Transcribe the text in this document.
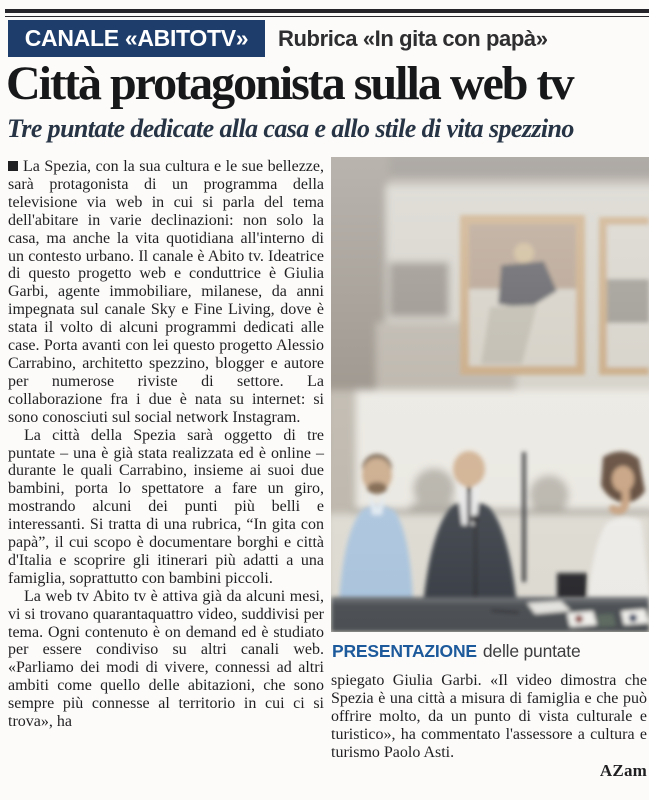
CANALE «ABITOTV» Rubrica «In gita con papà»
Città protagonista sulla web tv
Tre puntate dedicate alla casa e allo stile di vita spezzino

La Spezia, con la sua cultura e le sue bellezze, sarà protagonista di un programma della televisione via web in cui si parla del tema dell'abitare in varie declinazioni: non solo la casa, ma anche la vita quotidiana all'interno di un contesto urbano. Il canale è Abito tv. Ideatrice di questo progetto web e conduttrice è Giulia Garbi, agente immobiliare, milanese, da anni impegnata sul canale Sky e Fine Living, dove è stata il volto di alcuni programmi dedicati alle case. Porta avanti con lei questo progetto Alessio Carrabino, architetto spezzino, blogger e autore per numerose riviste di settore. La collaborazione fra i due è nata su internet: si sono conosciuti sul social network Instagram.

La città della Spezia sarà oggetto di tre puntate – una è già stata realizzata ed è online – durante le quali Carrabino, insieme ai suoi due bambini, porta lo spettatore a fare un giro, mostrando alcuni dei punti più belli e interessanti. Si tratta di una rubrica, “In gita con papà”, il cui scopo è documentare borghi e città d'Italia e scoprire gli itinerari più adatti a una famiglia, soprattutto con bambini piccoli.

La web tv Abito tv è attiva già da alcuni mesi, vi si trovano quarantaquattro video, suddivisi per tema. Ogni contenuto è on demand ed è studiato per essere condiviso su altri canali web. «Parliamo dei modi di vivere, connessi ad altri ambiti come quello delle abitazioni, che sono sempre più connesse al territorio in cui ci si trova», ha

PRESENTAZIONE delle puntate

spiegato Giulia Garbi. «Il video dimostra che Spezia è una città a misura di famiglia e che può offrire molto, da un punto di vista culturale e turistico», ha commentato l'assessore a cultura e turismo Paolo Asti.

AZam
